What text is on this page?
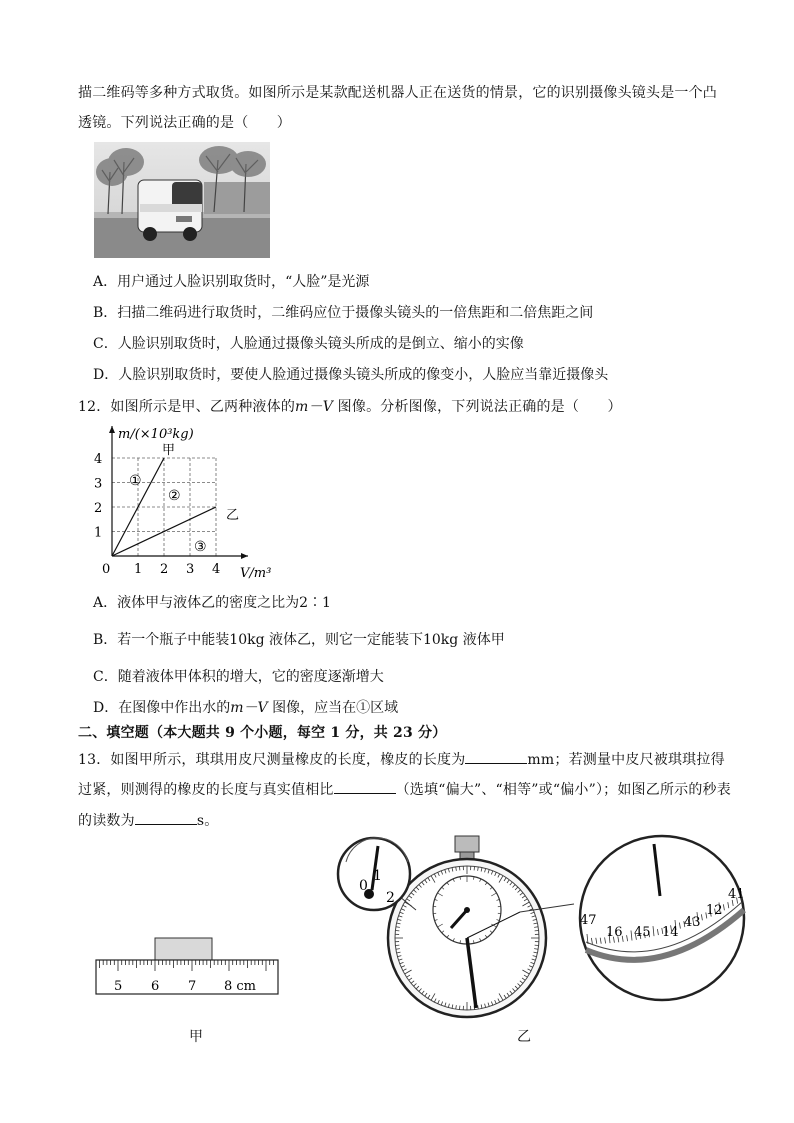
描二维码等多种方式取货。如图所示是某款配送机器人正在送货的情景，它的识别摄像头镜头是一个凸
透镜。下列说法正确的是（　　）
A．用户通过人脸识别取货时，“人脸”是光源
B．扫描二维码进行取货时，二维码应位于摄像头镜头的一倍焦距和二倍焦距之间
C．人脸识别取货时，人脸通过摄像头镜头所成的是倒立、缩小的实像
D．人脸识别取货时，要使人脸通过摄像头镜头所成的像变小，人脸应当靠近摄像头
12．如图所示是甲、乙两种液体的m－V 图像。分析图像，下列说法正确的是（　　）
0 1 2 3 4
1
2
3
4
m/(×10³kg)
V/m³
甲
乙
①
②
③
A．液体甲与液体乙的密度之比为2∶1
B．若一个瓶子中能装10kg 液体乙，则它一定能装下10kg 液体甲
C．随着液体甲体积的增大，它的密度逐渐增大
D．在图像中作出水的m－V 图像，应当在①区域
二、填空题（本大题共 9 个小题，每空 1 分，共 23 分）
13．如图甲所示，琪琪用皮尺测量橡皮的长度，橡皮的长度为	mm；若测量中皮尺被琪琪拉得
过紧，则测得的橡皮的长度与真实值相比	（选填“偏大”、“相等”或“偏小”）；如图乙所示的秒表
的读数为	s。
5 6 7 8 cm
甲
0
1
2
47
16 45 14
43
12
41
乙
